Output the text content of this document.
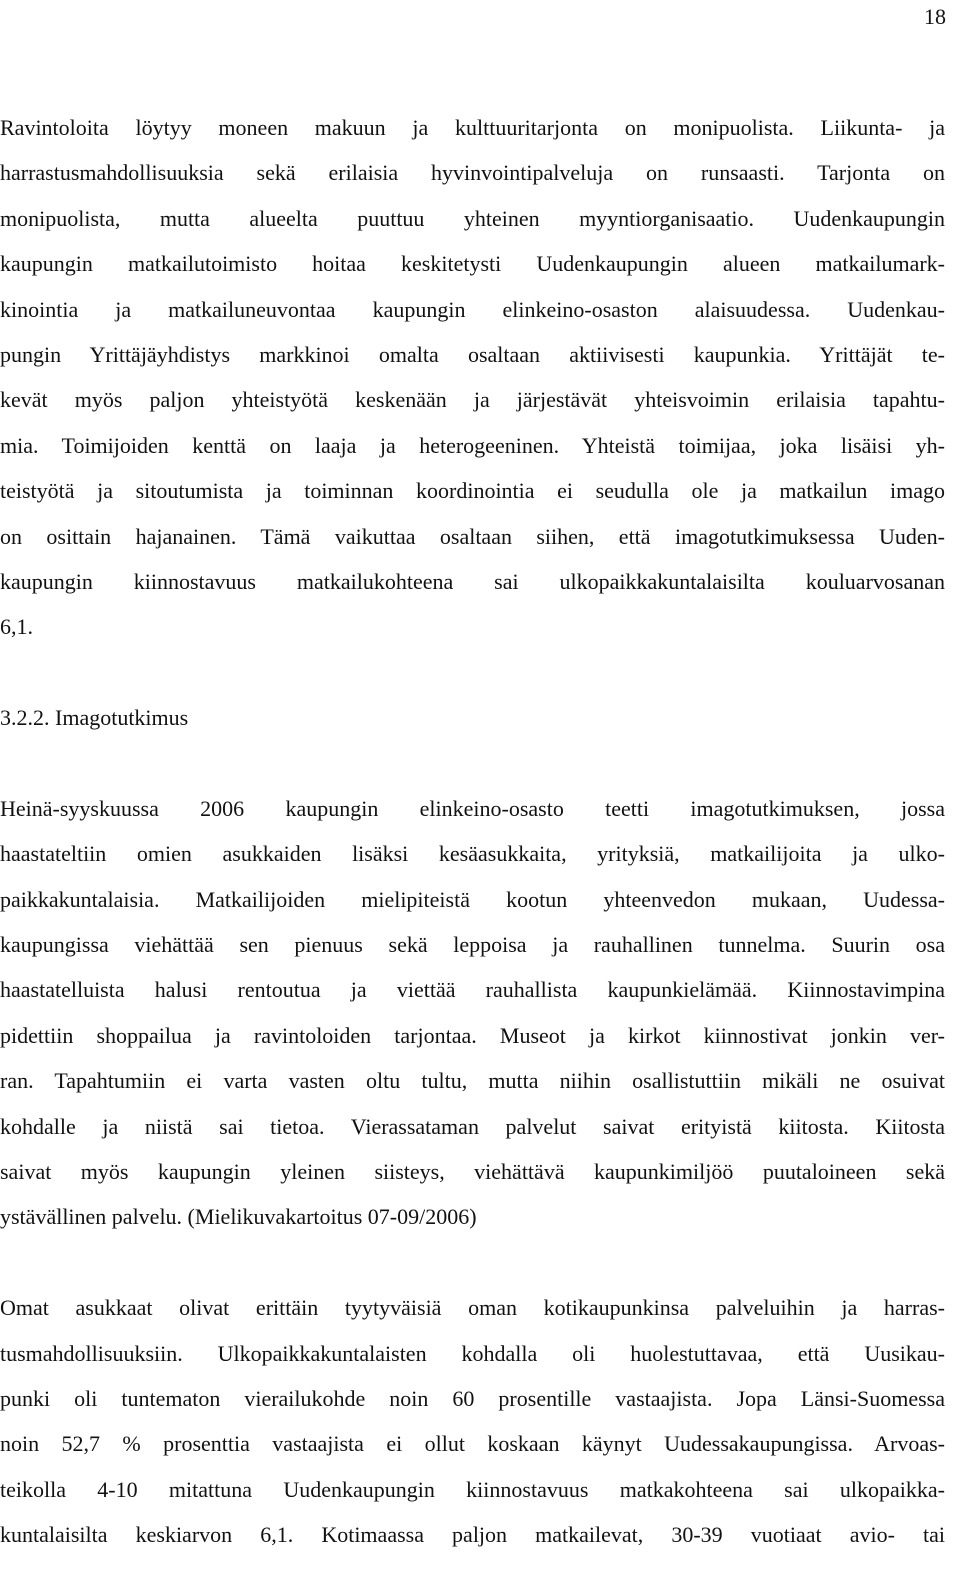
18
Ravintoloita löytyy moneen makuun ja kulttuuritarjonta on monipuolista. Liikunta- ja
harrastusmahdollisuuksia sekä erilaisia hyvinvointipalveluja on runsaasti. Tarjonta on
monipuolista, mutta alueelta puuttuu yhteinen myyntiorganisaatio. Uudenkaupungin
kaupungin matkailutoimisto hoitaa keskitetysti Uudenkaupungin alueen matkailumark-
kinointia ja matkailuneuvontaa kaupungin elinkeino-osaston alaisuudessa. Uudenkau-
pungin Yrittäjäyhdistys markkinoi omalta osaltaan aktiivisesti kaupunkia. Yrittäjät te-
kevät myös paljon yhteistyötä keskenään ja järjestävät yhteisvoimin erilaisia tapahtu-
mia. Toimijoiden kenttä on laaja ja heterogeeninen. Yhteistä toimijaa, joka lisäisi yh-
teistyötä ja sitoutumista ja toiminnan koordinointia ei seudulla ole ja matkailun imago
on osittain hajanainen. Tämä vaikuttaa osaltaan siihen, että imagotutkimuksessa Uuden-
kaupungin kiinnostavuus matkailukohteena sai ulkopaikkakuntalaisilta kouluarvosanan
6,1.
3.2.2. Imagotutkimus
Heinä-syyskuussa 2006 kaupungin elinkeino-osasto teetti imagotutkimuksen, jossa
haastateltiin omien asukkaiden lisäksi kesäasukkaita, yrityksiä, matkailijoita ja ulko-
paikkakuntalaisia. Matkailijoiden mielipiteistä kootun yhteenvedon mukaan, Uudessa-
kaupungissa viehättää sen pienuus sekä leppoisa ja rauhallinen tunnelma. Suurin osa
haastatelluista halusi rentoutua ja viettää rauhallista kaupunkielämää. Kiinnostavimpina
pidettiin shoppailua ja ravintoloiden tarjontaa. Museot ja kirkot kiinnostivat jonkin ver-
ran. Tapahtumiin ei varta vasten oltu tultu, mutta niihin osallistuttiin mikäli ne osuivat
kohdalle ja niistä sai tietoa. Vierassataman palvelut saivat erityistä kiitosta. Kiitosta
saivat myös kaupungin yleinen siisteys, viehättävä kaupunkimiljöö puutaloineen sekä
ystävällinen palvelu. (Mielikuvakartoitus 07-09/2006)
Omat asukkaat olivat erittäin tyytyväisiä oman kotikaupunkinsa palveluihin ja harras-
tusmahdollisuuksiin. Ulkopaikkakuntalaisten kohdalla oli huolestuttavaa, että Uusikau-
punki oli tuntematon vierailukohde noin 60 prosentille vastaajista. Jopa Länsi-Suomessa
noin 52,7 % prosenttia vastaajista ei ollut koskaan käynyt Uudessakaupungissa. Arvoas-
teikolla 4-10 mitattuna Uudenkaupungin kiinnostavuus matkakohteena sai ulkopaikka-
kuntalaisilta keskiarvon 6,1. Kotimaassa paljon matkailevat, 30-39 vuotiaat avio- tai
